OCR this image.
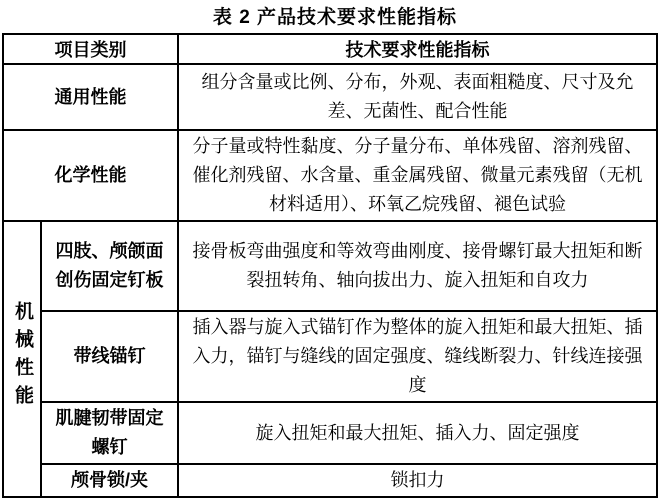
表 2 产品技术要求性能指标
项目类别		技术要求性能指标
通用性能		组分含量或比例、分布，外观、表面粗糙度、尺寸及允差、无菌性、配合性能
化学性能		分子量或特性黏度、分子量分布、单体残留、溶剂残留、催化剂残留、水含量、重金属残留、微量元素残留（无机材料适用）、环氧乙烷残留、褪色试验
机械性能	四肢、颅颌面创伤固定钉板	接骨板弯曲强度和等效弯曲刚度、接骨螺钉最大扭矩和断裂扭转角、轴向拔出力、旋入扭矩和自攻力
	带线锚钉	插入器与旋入式锚钉作为整体的旋入扭矩和最大扭矩、插入力，锚钉与缝线的固定强度、缝线断裂力、针线连接强度
	肌腱韧带固定螺钉	旋入扭矩和最大扭矩、插入力、固定强度
	颅骨锁/夹	锁扣力
